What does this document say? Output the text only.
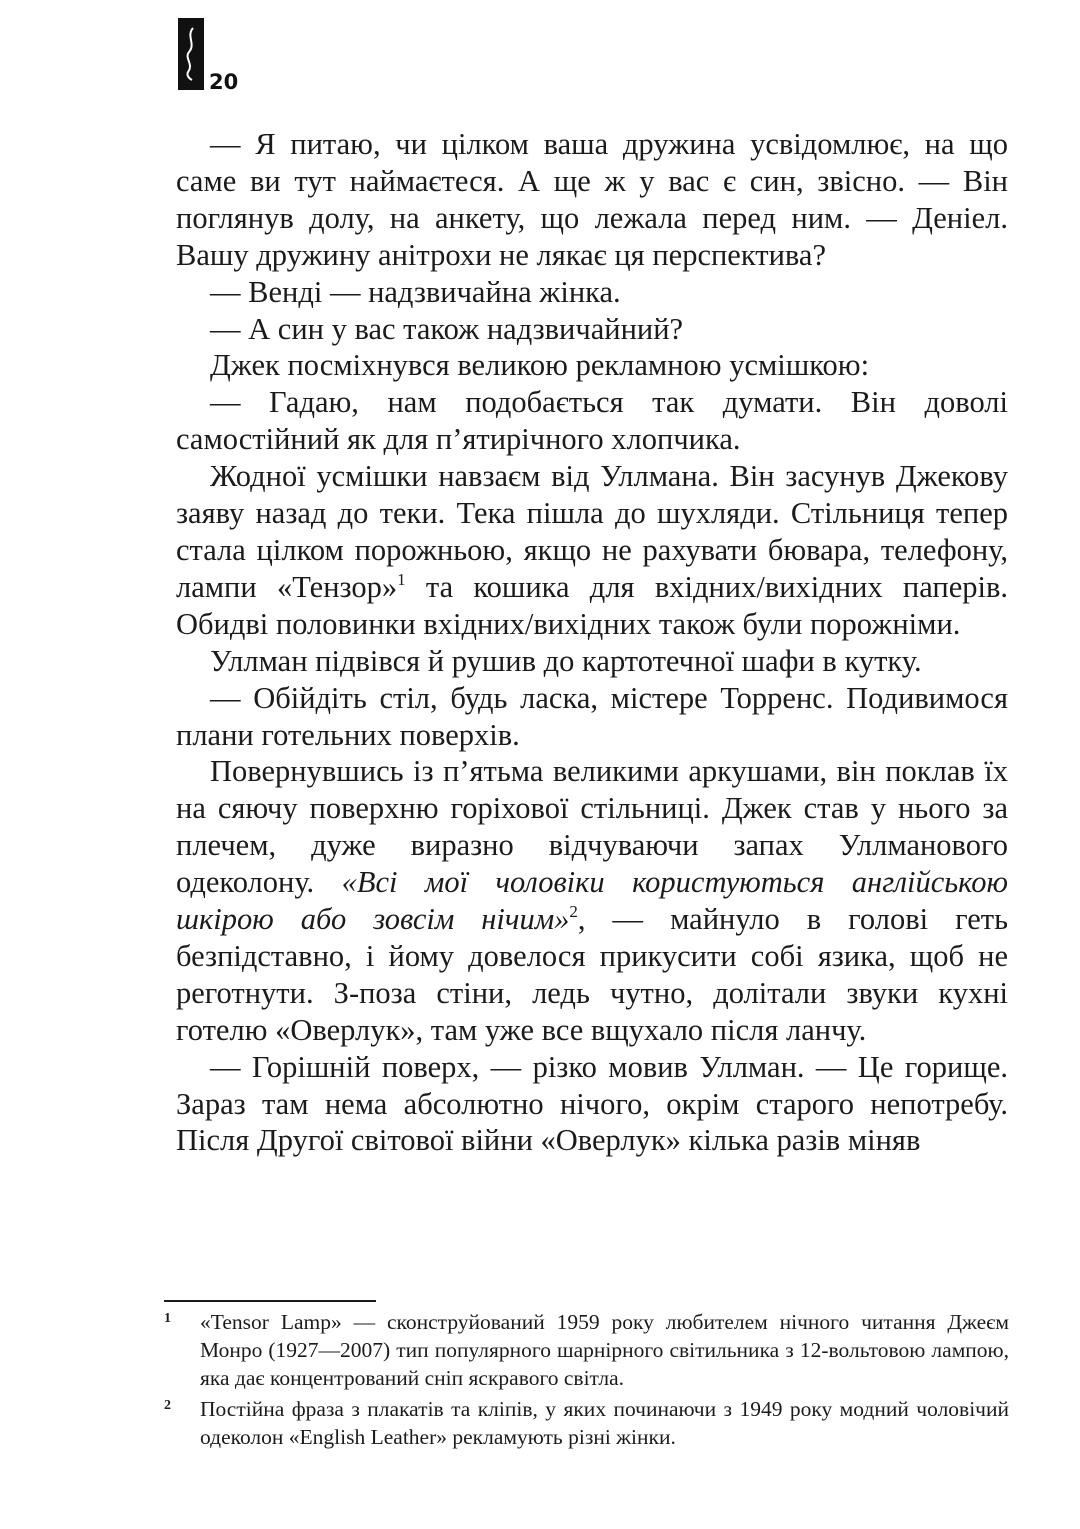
20

— Я питаю, чи цілком ваша дружина усвідомлює, на що саме ви тут наймаєтеся. А ще ж у вас є син, звісно. — Він поглянув долу, на анкету, що лежала перед ним. — Деніел. Вашу дружину анітрохи не лякає ця перспектива?

— Венді — надзвичайна жінка.

— А син у вас також надзвичайний?

Джек посміхнувся великою рекламною усмішкою:

— Гадаю, нам подобається так думати. Він доволі самостійний як для п’ятирічного хлопчика.

Жодної усмішки навзаєм від Уллмана. Він засунув Джекову заяву назад до теки. Тека пішла до шухляди. Стільниця тепер стала цілком порожньою, якщо не рахувати бювара, телефону, лампи «Тензор»$^1$ та кошика для вхідних/вихідних паперів. Обидві половинки вхідних/вихідних також були порожніми.

Уллман підвівся й рушив до картотечної шафи в кутку.

— Обійдіть стіл, будь ласка, містере Торренс. Подивимося плани готельних поверхів.

Повернувшись із п’ятьма великими аркушами, він поклав їх на сяючу поверхню горіхової стільниці. Джек став у нього за плечем, дуже виразно відчуваючи запах Уллманового одеколону. «Всі мої чоловіки користуються англійською шкірою або зовсім нічим»$^2$, — майнуло в голові геть безпідставно, і йому довелося прикусити собі язика, щоб не реготнути. З-поза стіни, ледь чутно, долітали звуки кухні готелю «Оверлук», там уже все вщухало після ланчу.

— Горішній поверх, — різко мовив Уллман. — Це горище. Зараз там нема абсолютно нічого, окрім старого непотребу. Після Другої світової війни «Оверлук» кілька разів міняв

1	«Tensor Lamp» — сконструйований 1959 року любителем нічного читання Джеєм Монро (1927—2007) тип популярного шарнірного світильника з 12-вольтовою лампою, яка дає концентрований сніп яскравого світла.
2	Постійна фраза з плакатів та кліпів, у яких починаючи з 1949 року модний чоловічий одеколон «English Leather» рекламують різні жінки.
